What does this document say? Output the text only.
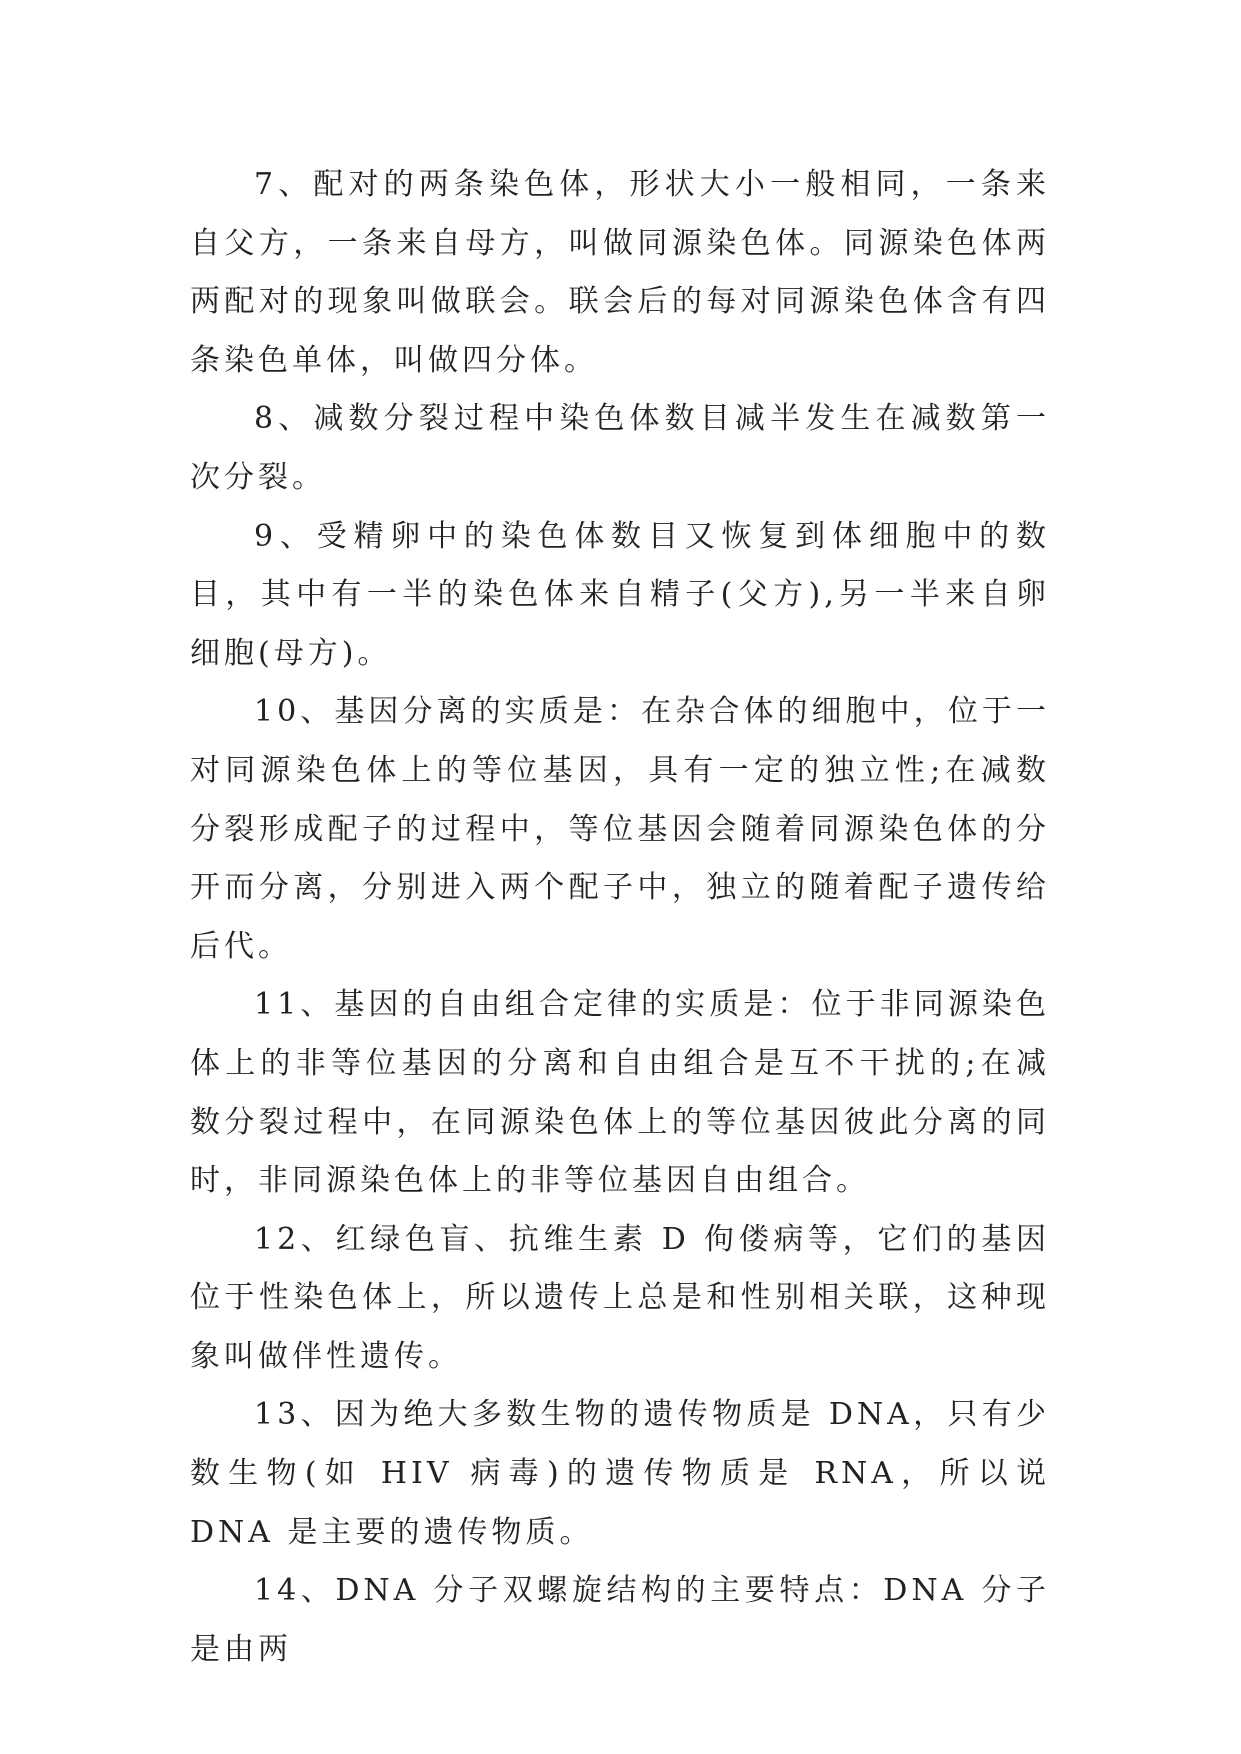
7、配对的两条染色体，形状大小一般相同，一条来自父方，一条来自母方，叫做同源染色体。同源染色体两两配对的现象叫做联会。联会后的每对同源染色体含有四条染色单体，叫做四分体。

8、减数分裂过程中染色体数目减半发生在减数第一次分裂。

9、受精卵中的染色体数目又恢复到体细胞中的数目，其中有一半的染色体来自精子(父方),另一半来自卵细胞(母方)。

10、基因分离的实质是：在杂合体的细胞中，位于一对同源染色体上的等位基因，具有一定的独立性;在减数分裂形成配子的过程中，等位基因会随着同源染色体的分开而分离，分别进入两个配子中，独立的随着配子遗传给后代。

11、基因的自由组合定律的实质是：位于非同源染色体上的非等位基因的分离和自由组合是互不干扰的;在减数分裂过程中，在同源染色体上的等位基因彼此分离的同时，非同源染色体上的非等位基因自由组合。

12、红绿色盲、抗维生素 D 佝偻病等，它们的基因位于性染色体上，所以遗传上总是和性别相关联，这种现象叫做伴性遗传。

13、因为绝大多数生物的遗传物质是 DNA，只有少数生物(如 HIV 病毒)的遗传物质是 RNA，所以说 DNA 是主要的遗传物质。

14、DNA 分子双螺旋结构的主要特点：DNA 分子是由两
